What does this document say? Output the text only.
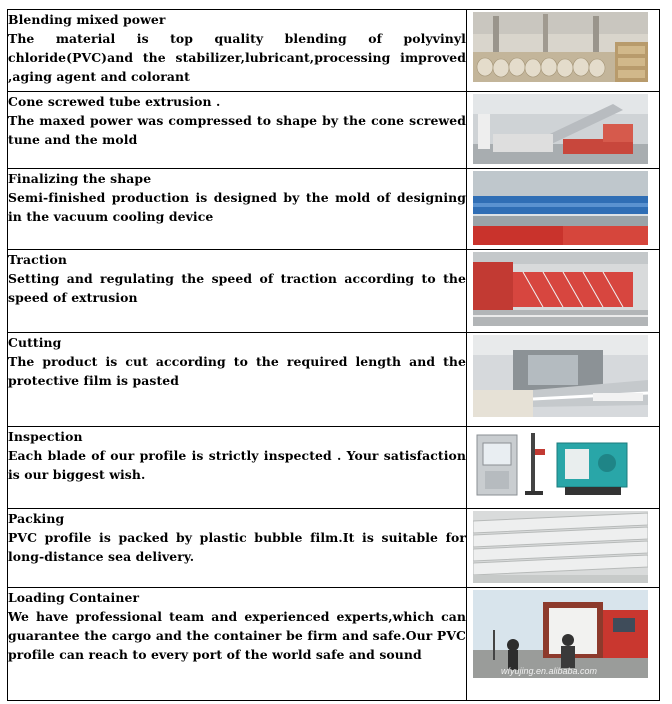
Blending mixed power
The material is top quality blending of polyvinyl chloride(PVC)and the stabilizer,lubricant,processing improved ,aging agent and colorant

Cone screwed tube extrusion .
The maxed power was compressed to shape by the cone screwed tune and the mold

Finalizing the shape
Semi-finished production is designed by the mold of designing in the vacuum cooling device

Traction
Setting and regulating the speed of traction according to the speed of extrusion

Cutting
The product is cut according to the required length and the protective film is pasted

Inspection
Each blade of our profile is strictly inspected . Your satisfaction is our biggest wish.

Packing
PVC profile is packed by plastic bubble film.It is suitable for long-distance sea delivery.

Loading Container
We have professional team and experienced experts,which can guarantee the cargo and the container be firm and safe.Our PVC profile can reach to every port of the world safe and sound	wfyujing.en.alibaba.com
